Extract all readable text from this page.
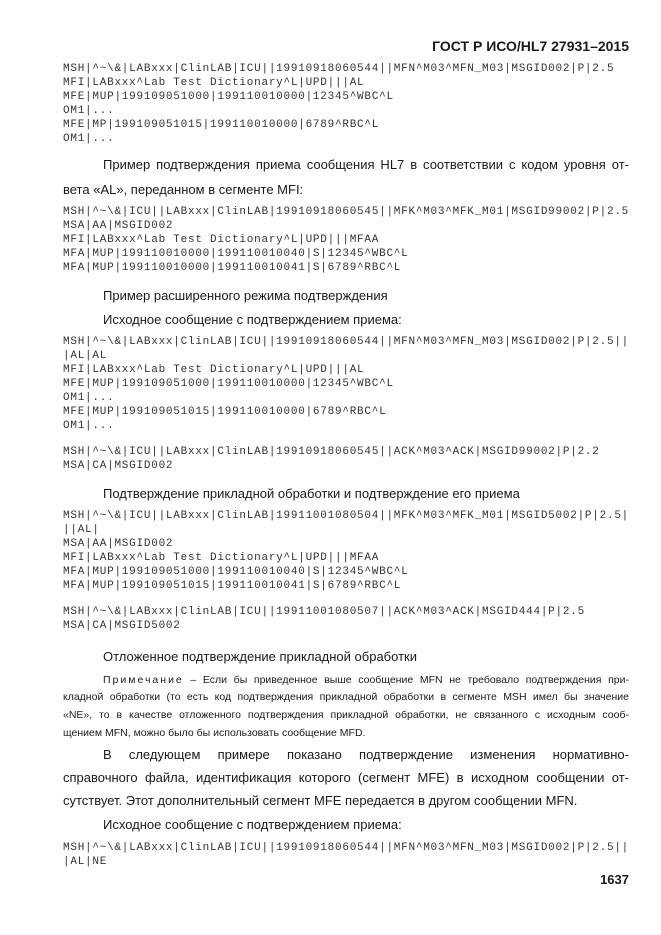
ГОСТ Р ИСО/HL7 27931–2015
MSH|^~\&|LABxxx|ClinLAB|ICU||19910918060544||MFN^M03^MFN_M03|MSGID002|P|2.5
MFI|LABxxx^Lab Test Dictionary^L|UPD|||AL
MFE|MUP|199109051000|199110010000|12345^WBC^L
OM1|...
MFE|MP|199109051015|199110010000|6789^RBC^L
OM1|...
Пример подтверждения приема сообщения HL7 в соответствии с кодом уровня от-
вета «AL», переданном в сегменте MFI:
MSH|^~\&|ICU||LABxxx|ClinLAB|19910918060545||MFK^M03^MFK_M01|MSGID99002|P|2.5
MSA|AA|MSGID002
MFI|LABxxx^Lab Test Dictionary^L|UPD|||MFAA
MFA|MUP|199110010000|199110010040|S|12345^WBC^L
MFA|MUP|199110010000|199110010041|S|6789^RBC^L
Пример расширенного режима подтверждения
Исходное сообщение с подтверждением приема:
MSH|^~\&|LABxxx|ClinLAB|ICU||19910918060544||MFN^M03^MFN_M03|MSGID002|P|2.5||
|AL|AL
MFI|LABxxx^Lab Test Dictionary^L|UPD|||AL
MFE|MUP|199109051000|199110010000|12345^WBC^L
OM1|...
MFE|MUP|199109051015|199110010000|6789^RBC^L
OM1|...
MSH|^~\&|ICU||LABxxx|ClinLAB|19910918060545||ACK^M03^ACK|MSGID99002|P|2.2
MSA|CA|MSGID002
Подтверждение прикладной обработки и подтверждение его приема
MSH|^~\&|ICU||LABxxx|ClinLAB|19911001080504||MFK^M03^MFK_M01|MSGID5002|P|2.5|
||AL|
MSA|AA|MSGID002
MFI|LABxxx^Lab Test Dictionary^L|UPD|||MFAA
MFA|MUP|199109051000|199110010040|S|12345^WBC^L
MFA|MUP|199109051015|199110010041|S|6789^RBC^L
MSH|^~\&|LABxxx|ClinLAB|ICU||19911001080507||ACK^M03^ACK|MSGID444|P|2.5
MSA|CA|MSGID5002
Отложенное подтверждение прикладной обработки
Примечание – Если бы приведенное выше сообщение MFN не требовало подтверждения при-
кладной обработки (то есть код подтверждения прикладной обработки в сегменте MSH имел бы значение
«NE», то в качестве отложенного подтверждения прикладной обработки, не связанного с исходным сооб-
щением MFN, можно было бы использовать сообщение MFD.
В следующем примере показано подтверждение изменения нормативно-
справочного файла, идентификация которого (сегмент MFE) в исходном сообщении от-
сутствует. Этот дополнительный сегмент MFE передается в другом сообщении MFN.
Исходное сообщение с подтверждением приема:
MSH|^~\&|LABxxx|ClinLAB|ICU||19910918060544||MFN^M03^MFN_M03|MSGID002|P|2.5||
|AL|NE
1637
